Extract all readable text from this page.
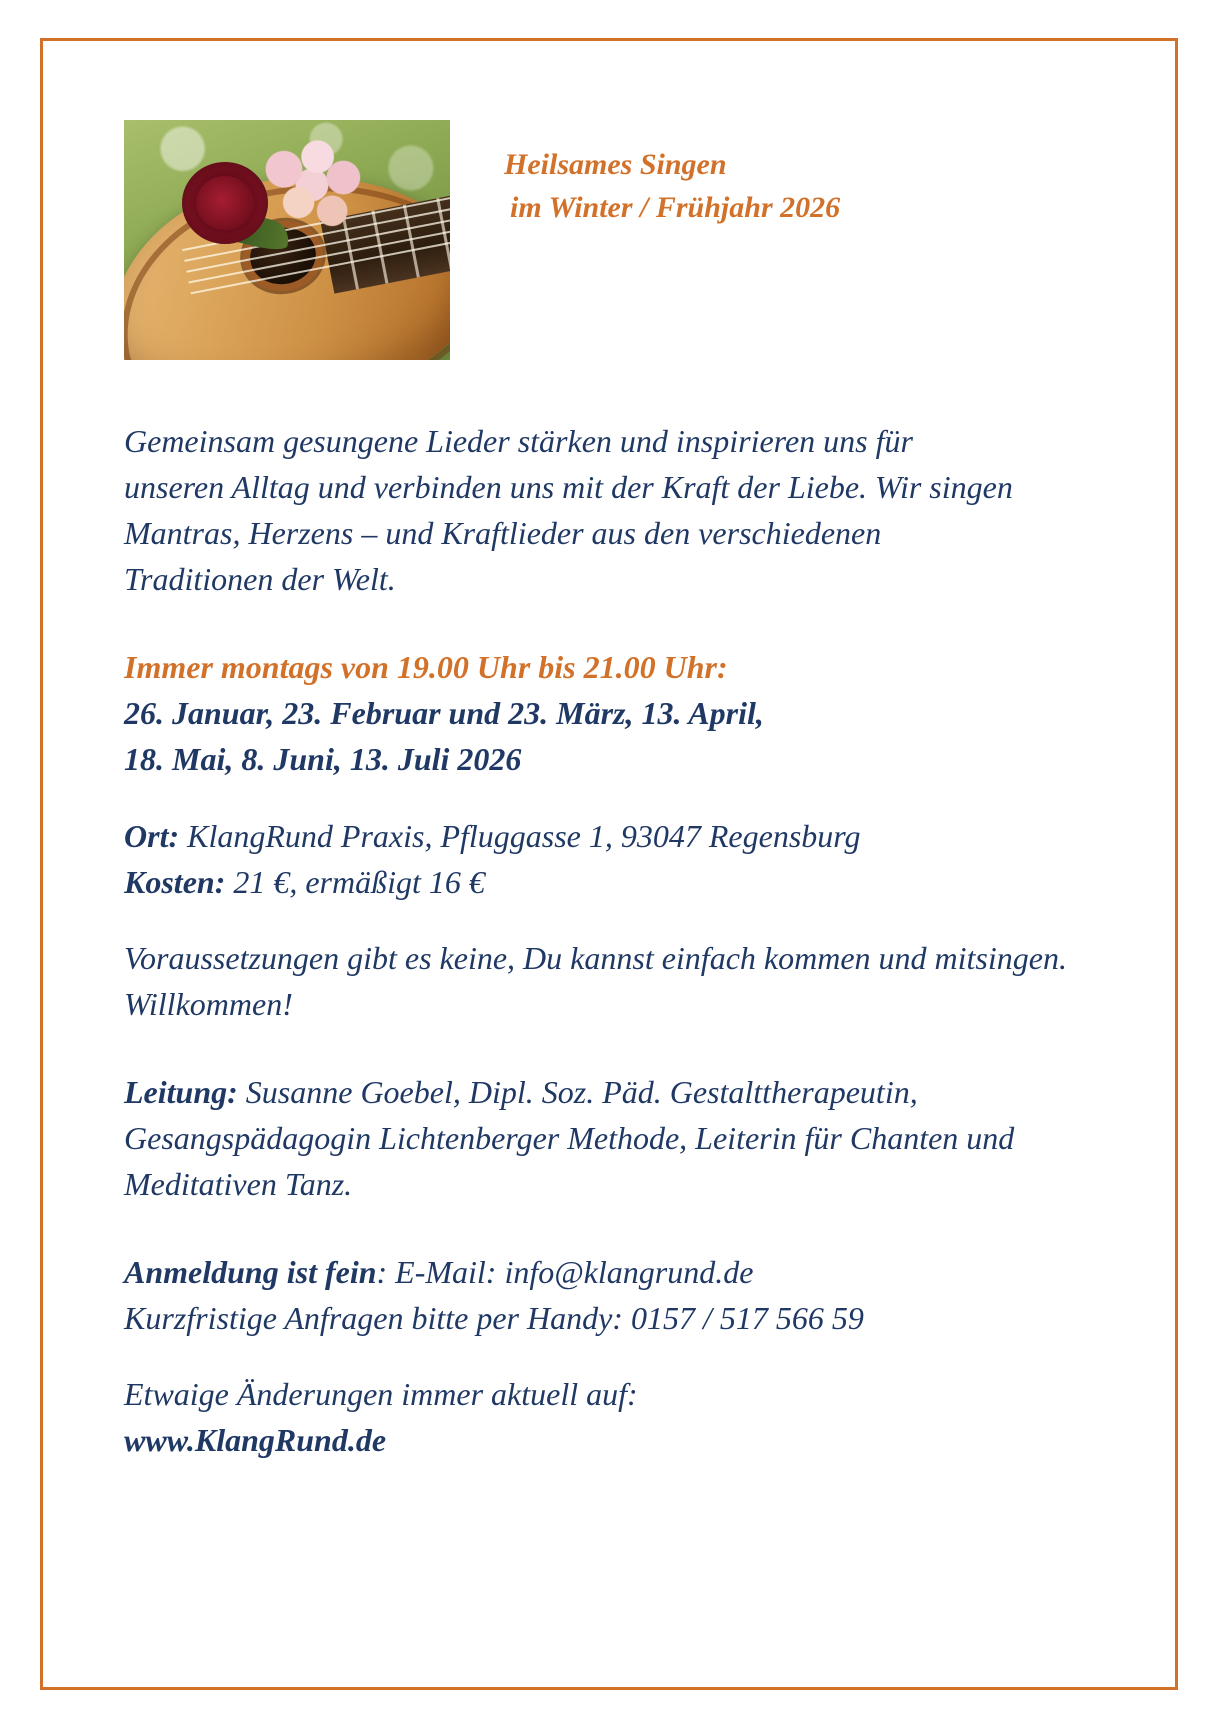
Heilsames Singen
im Winter / Frühjahr 2026

Gemeinsam gesungene Lieder stärken und inspirieren uns für unseren Alltag und verbinden uns mit der Kraft der Liebe. Wir singen Mantras, Herzens – und Kraftlieder aus den verschiedenen Traditionen der Welt.

Immer montags von 19.00 Uhr bis 21.00 Uhr:

26. Januar, 23. Februar und 23. März, 13. April,

18. Mai, 8. Juni, 13. Juli 2026

Ort: KlangRund Praxis, Pfluggasse 1, 93047 Regensburg

Kosten: 21 €, ermäßigt 16 €

Voraussetzungen gibt es keine, Du kannst einfach kommen und mitsingen. Willkommen!

Leitung: Susanne Goebel, Dipl. Soz. Päd. Gestalttherapeutin, Gesangspädagogin Lichtenberger Methode, Leiterin für Chanten und Meditativen Tanz.

Anmeldung ist fein: E-Mail: info@klangrund.de

Kurzfristige Anfragen bitte per Handy: 0157 / 517 566 59

Etwaige Änderungen immer aktuell auf:

www.KlangRund.de
